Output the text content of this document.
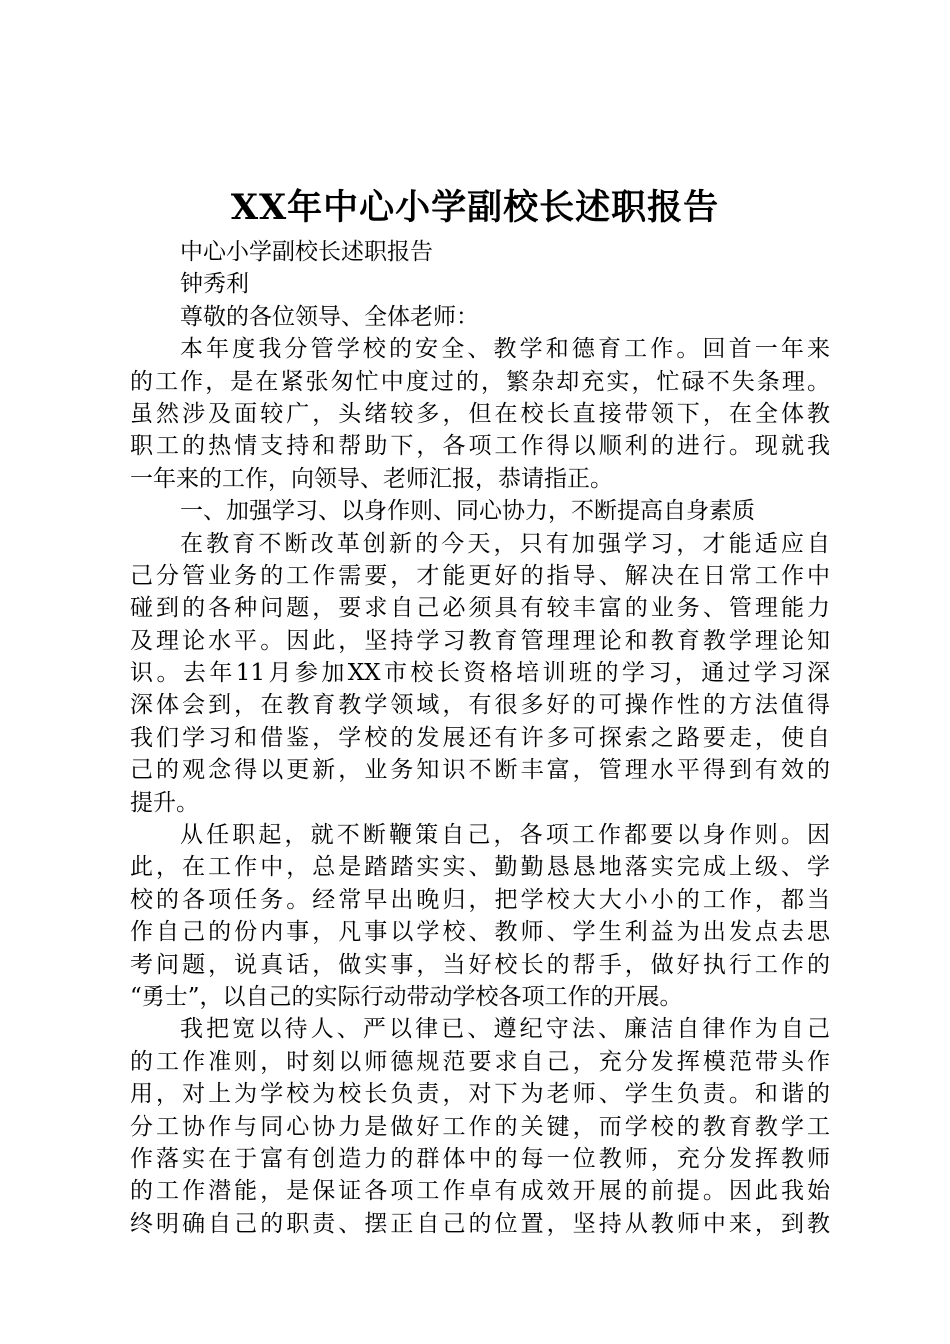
XX年中心小学副校长述职报告
中心小学副校长述职报告
钟秀利
尊敬的各位领导、全体老师：
本年度我分管学校的安全、教学和德育工作。回首一年来
的工作，是在紧张匆忙中度过的，繁杂却充实，忙碌不失条理。
虽然涉及面较广，头绪较多，但在校长直接带领下，在全体教
职工的热情支持和帮助下，各项工作得以顺利的进行。现就我
一年来的工作，向领导、老师汇报，恭请指正。
一、加强学习、以身作则、同心协力，不断提高自身素质
在教育不断改革创新的今天，只有加强学习，才能适应自
己分管业务的工作需要，才能更好的指导、解决在日常工作中
碰到的各种问题，要求自己必须具有较丰富的业务、管理能力
及理论水平。因此，坚持学习教育管理理论和教育教学理论知
识。去年11月参加XX市校长资格培训班的学习，通过学习深
深体会到，在教育教学领域，有很多好的可操作性的方法值得
我们学习和借鉴，学校的发展还有许多可探索之路要走，使自
己的观念得以更新，业务知识不断丰富，管理水平得到有效的
提升。
从任职起，就不断鞭策自己，各项工作都要以身作则。因
此，在工作中，总是踏踏实实、勤勤恳恳地落实完成上级、学
校的各项任务。经常早出晚归，把学校大大小小的工作，都当
作自己的份内事，凡事以学校、教师、学生利益为出发点去思
考问题，说真话，做实事，当好校长的帮手，做好执行工作的
“勇士”，以自己的实际行动带动学校各项工作的开展。
我把宽以待人、严以律已、遵纪守法、廉洁自律作为自己
的工作准则，时刻以师德规范要求自己，充分发挥模范带头作
用，对上为学校为校长负责，对下为老师、学生负责。和谐的
分工协作与同心协力是做好工作的关键，而学校的教育教学工
作落实在于富有创造力的群体中的每一位教师，充分发挥教师
的工作潜能，是保证各项工作卓有成效开展的前提。因此我始
终明确自己的职责、摆正自己的位置，坚持从教师中来，到教
